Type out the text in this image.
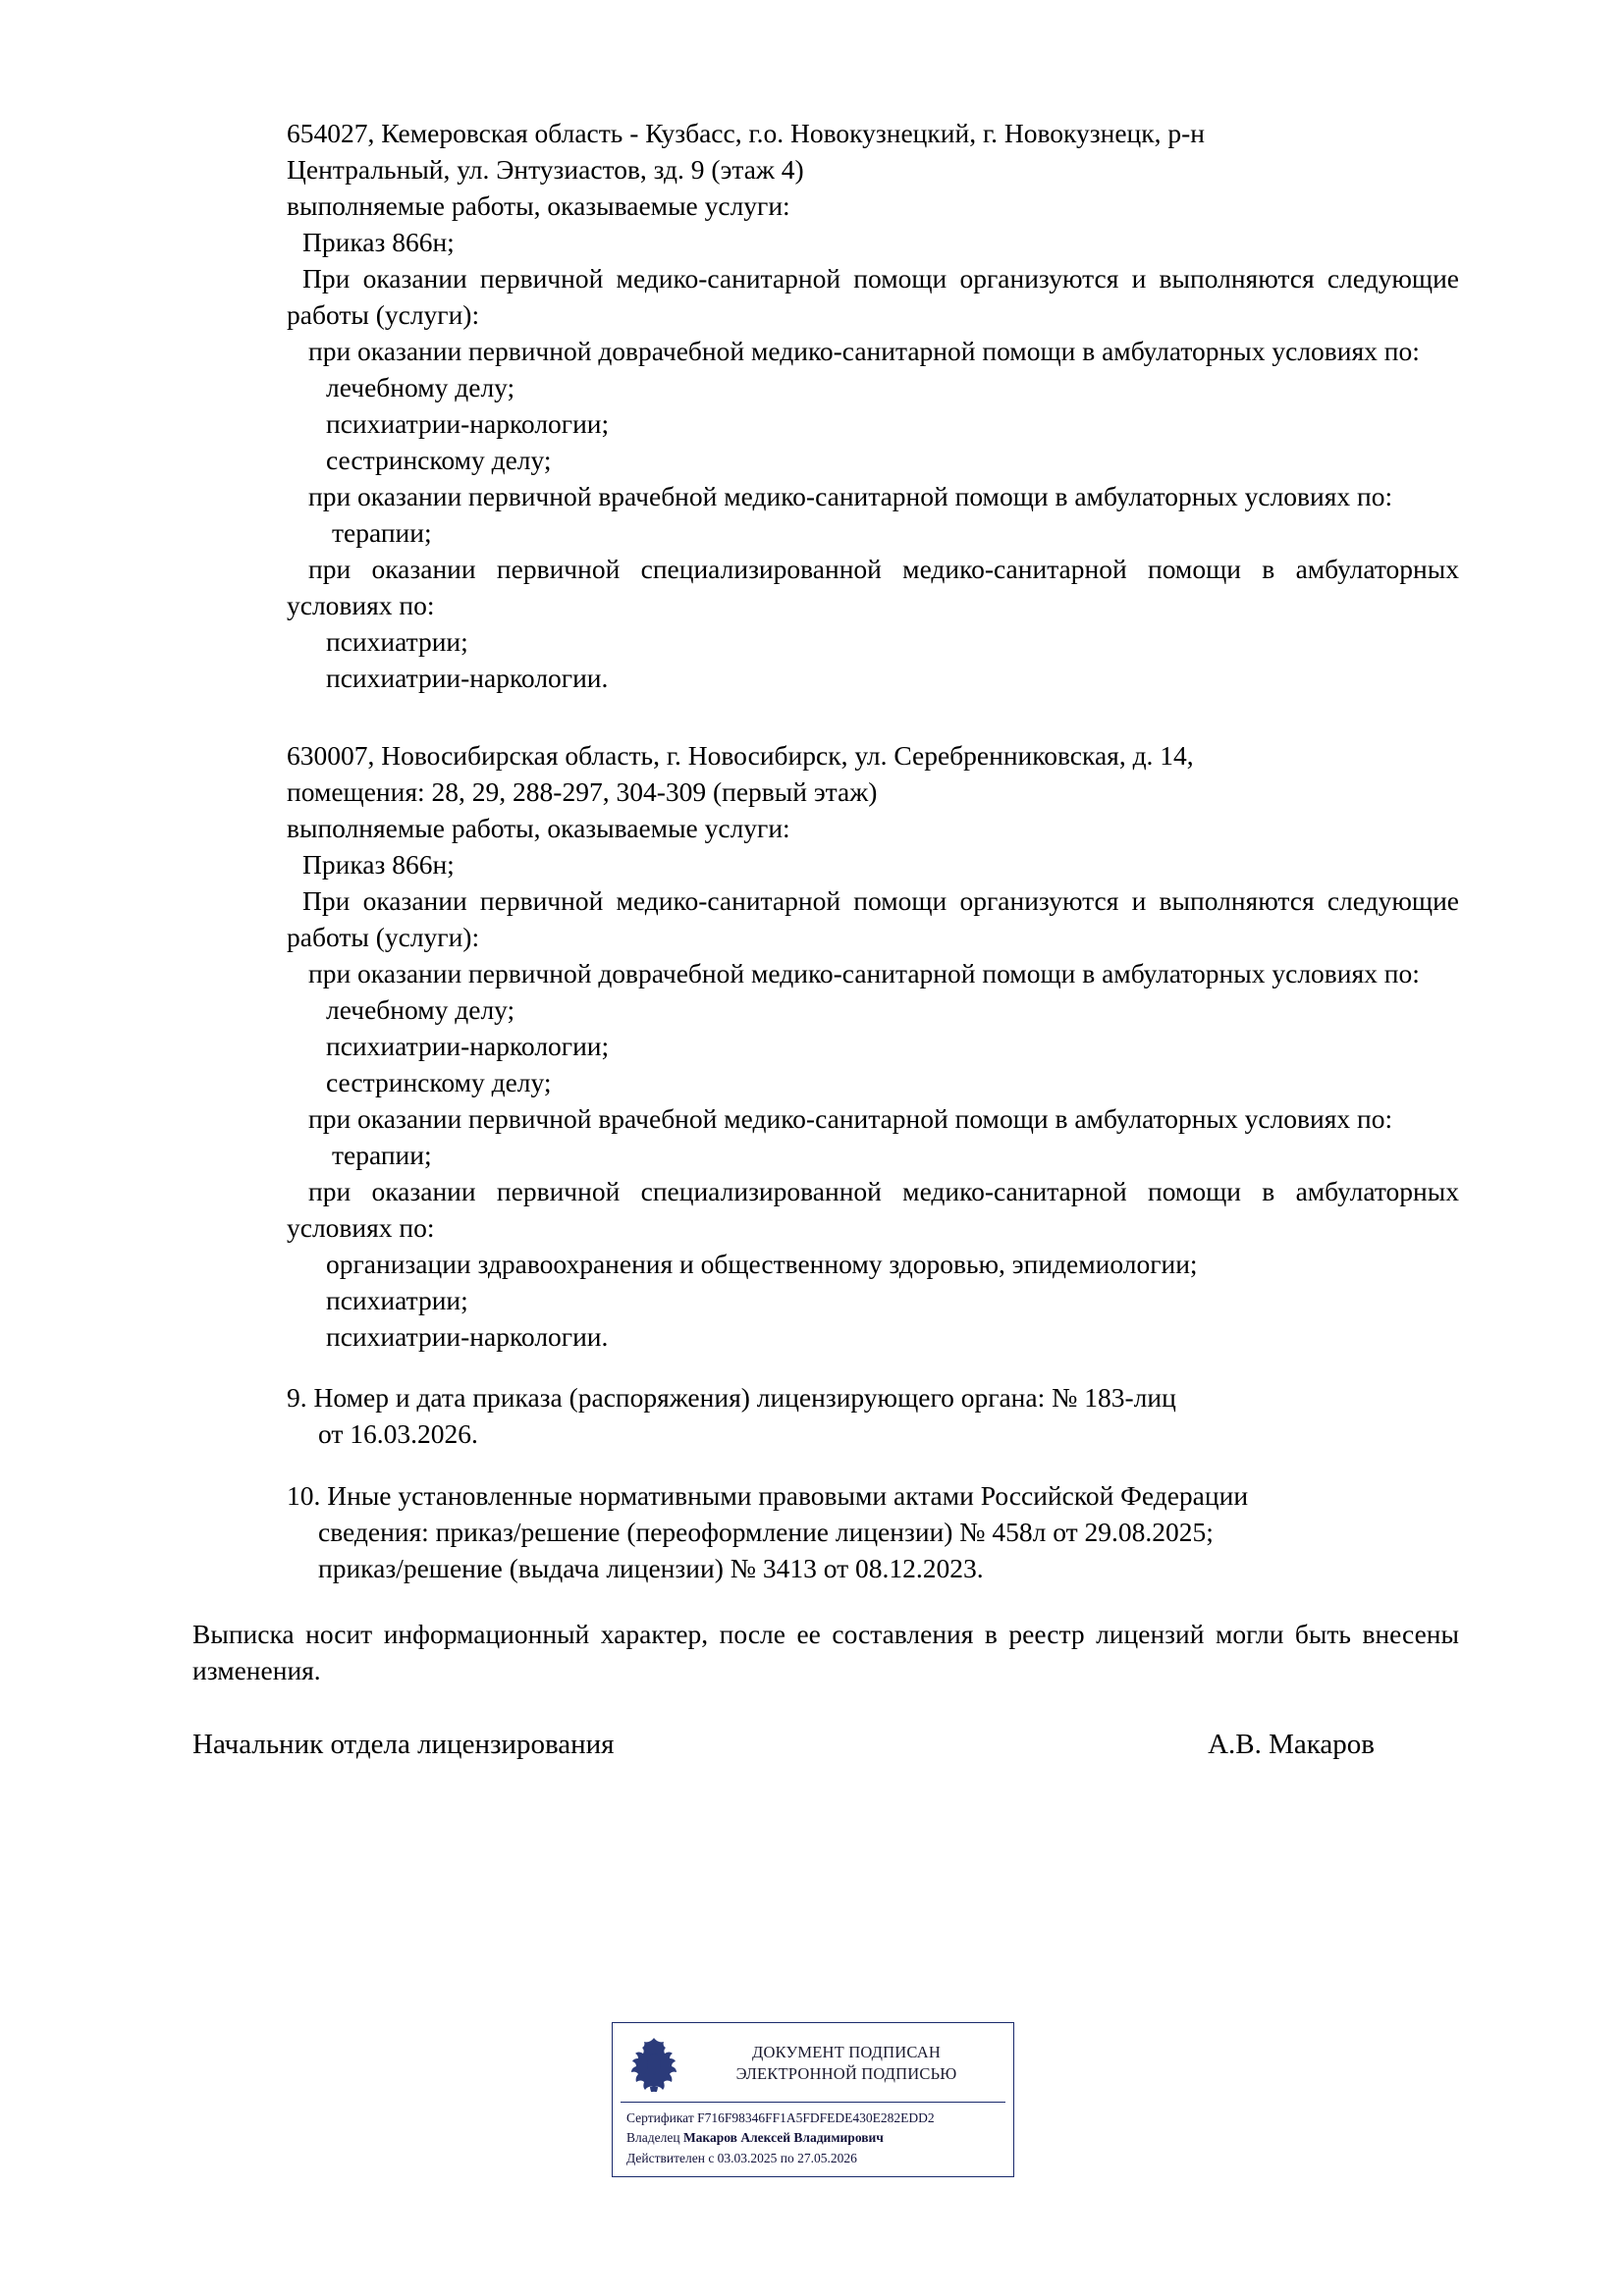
654027, Кемеровская область - Кузбасс, г.о. Новокузнецкий, г. Новокузнецк, р-н
Центральный, ул. Энтузиастов, зд. 9 (этаж 4)
выполняемые работы, оказываемые услуги:
Приказ 866н;
При оказании первичной медико-санитарной помощи организуются и выполняются следующие работы (услуги):
при оказании первичной доврачебной медико-санитарной помощи в амбулаторных условиях по:
лечебному делу;
психиатрии-наркологии;
сестринскому делу;
при оказании первичной врачебной медико-санитарной помощи в амбулаторных условиях по:
терапии;
при оказании первичной специализированной медико-санитарной помощи в амбулаторных условиях по:
психиатрии;
психиатрии-наркологии.
630007, Новосибирская область, г. Новосибирск, ул. Серебренниковская, д. 14,
помещения: 28, 29, 288-297, 304-309 (первый этаж)
выполняемые работы, оказываемые услуги:
Приказ 866н;
При оказании первичной медико-санитарной помощи организуются и выполняются следующие работы (услуги):
при оказании первичной доврачебной медико-санитарной помощи в амбулаторных условиях по:
лечебному делу;
психиатрии-наркологии;
сестринскому делу;
при оказании первичной врачебной медико-санитарной помощи в амбулаторных условиях по:
терапии;
при оказании первичной специализированной медико-санитарной помощи в амбулаторных условиях по:
организации здравоохранения и общественному здоровью, эпидемиологии;
психиатрии;
психиатрии-наркологии.
9. Номер и дата приказа (распоряжения) лицензирующего органа: № 183-лиц
от 16.03.2026.
10. Иные установленные нормативными правовыми актами Российской Федерации
сведения: приказ/решение (переоформление лицензии) № 458л от 29.08.2025;
приказ/решение (выдача лицензии) № 3413 от 08.12.2023.
Выписка носит информационный характер, после ее составления в реестр лицензий могли быть внесены изменения.
Начальник отдела лицензирования	А.В. Макаров
ДОКУМЕНТ ПОДПИСАН
ЭЛЕКТРОННОЙ ПОДПИСЬЮ
Сертификат F716F98346FF1A5FDFEDE430E282EDD2
Владелец Макаров Алексей Владимирович
Действителен с 03.03.2025 по 27.05.2026
